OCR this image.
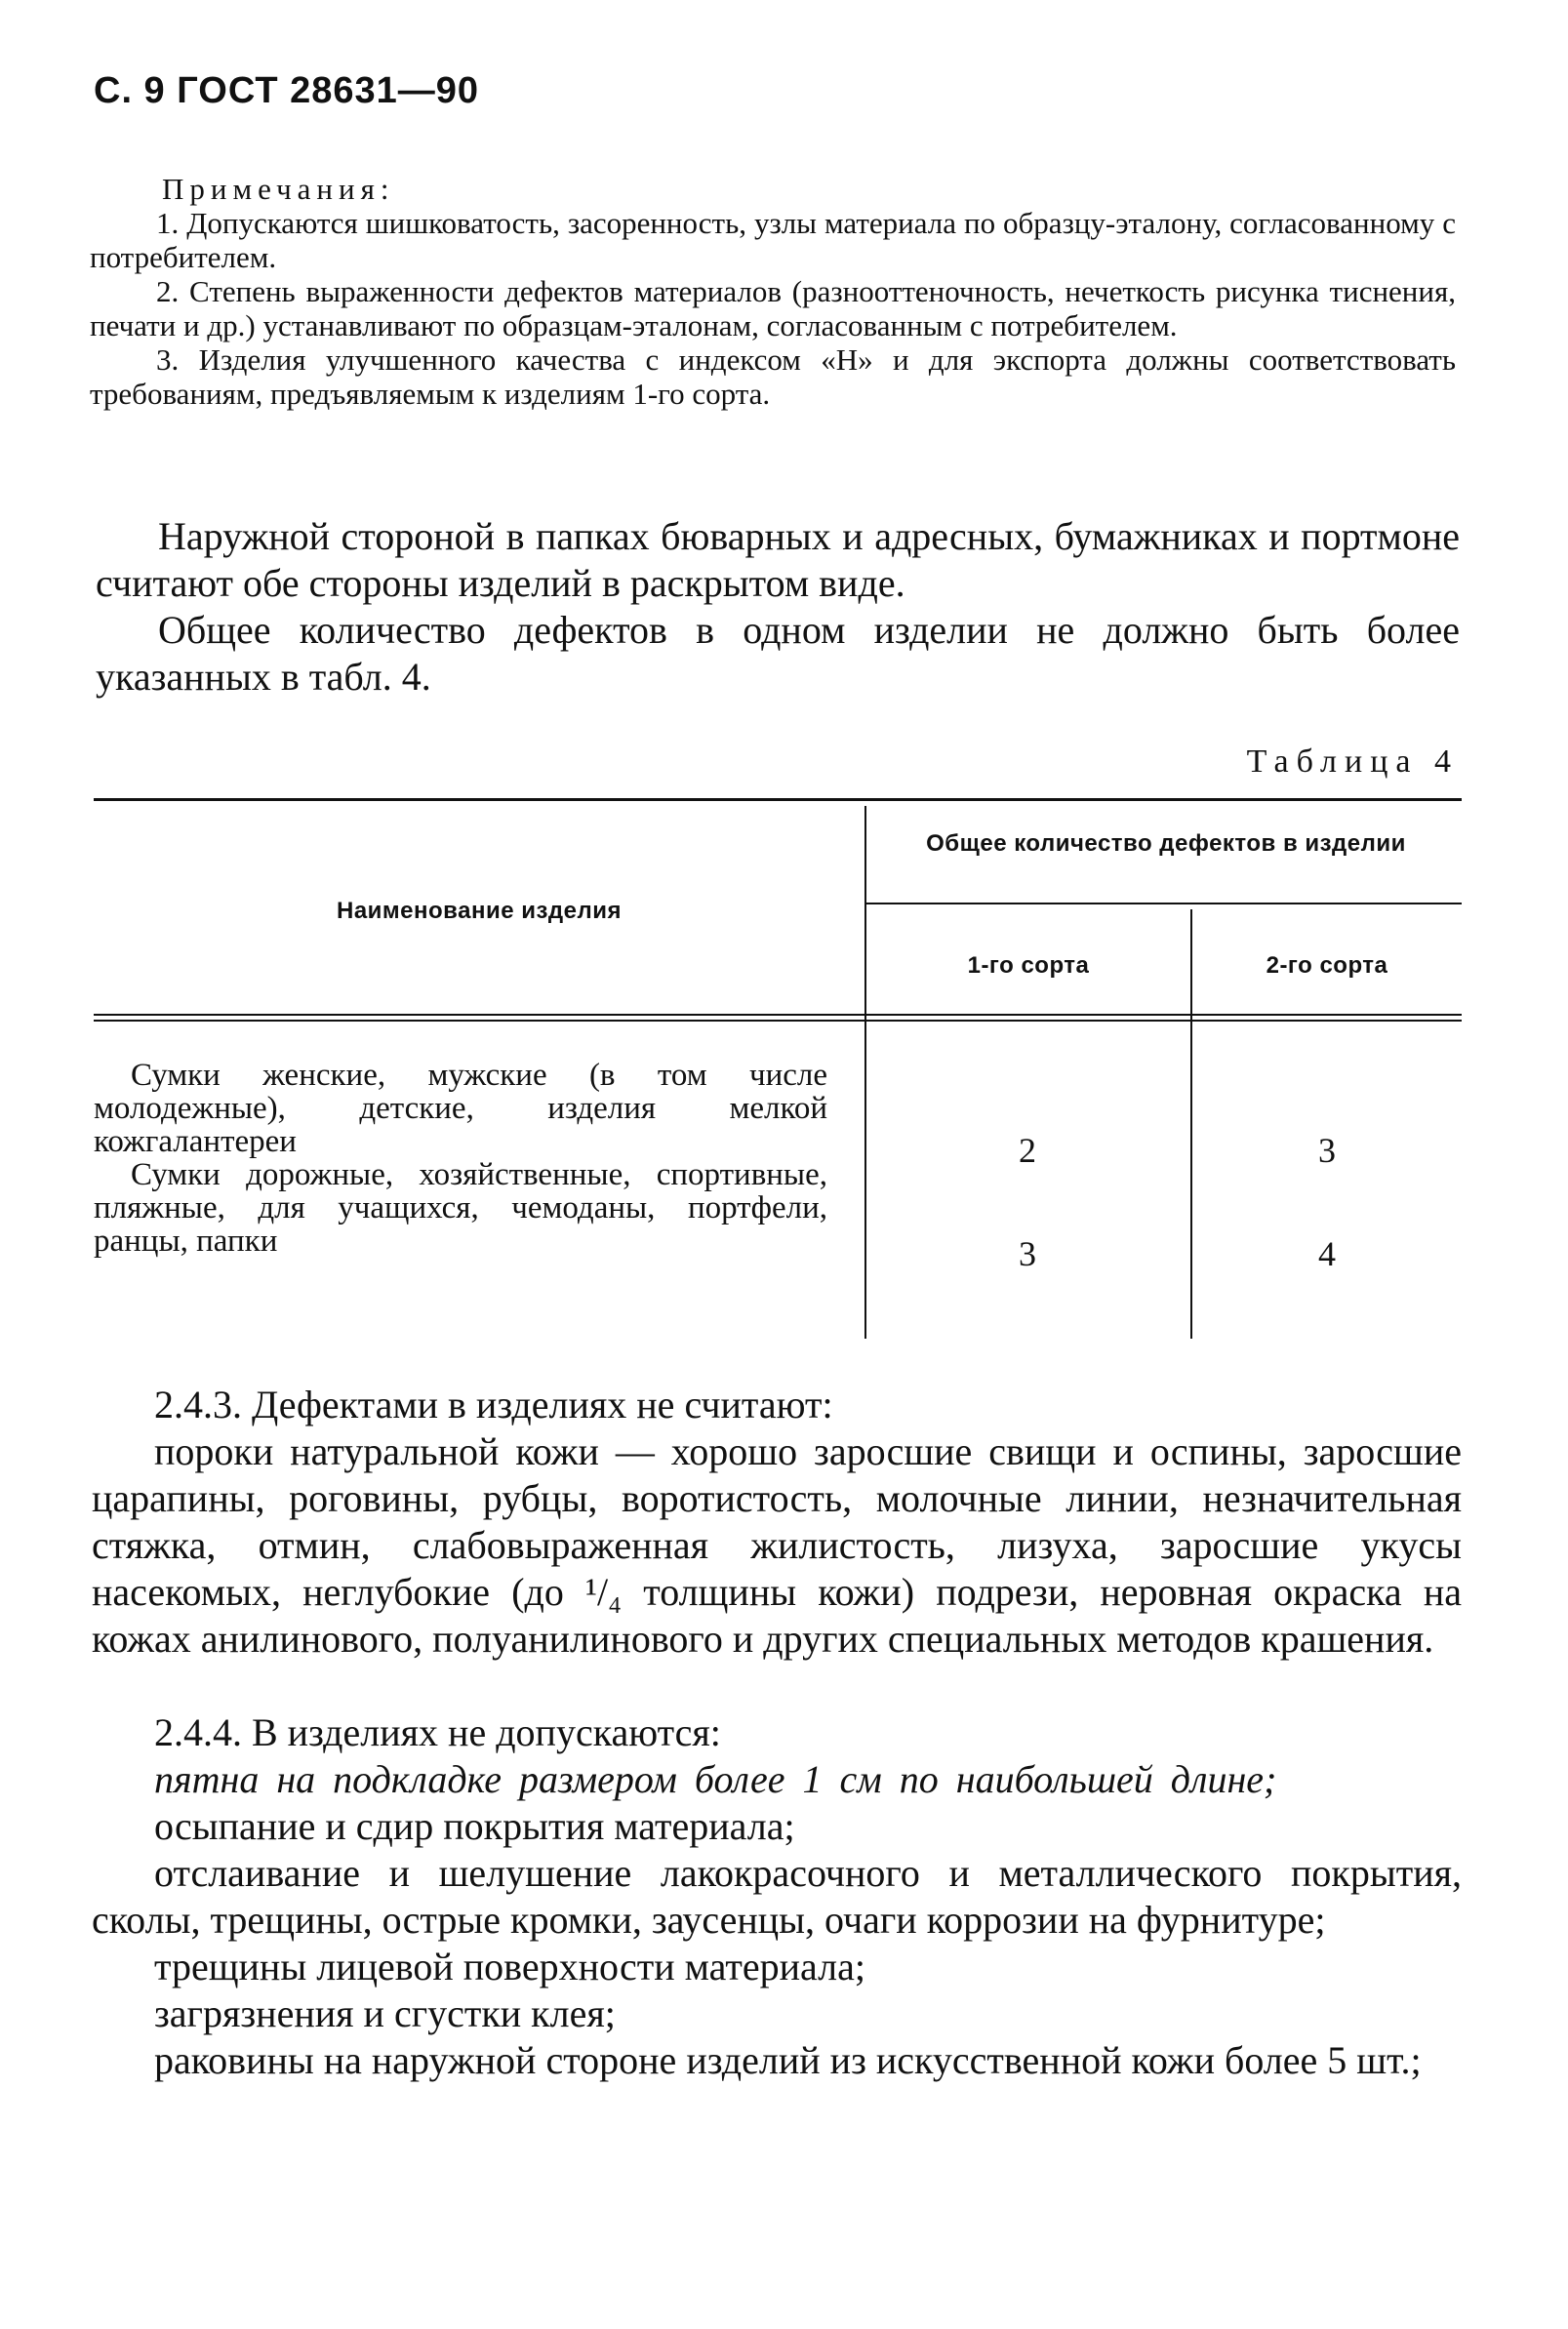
С. 9 ГОСТ 28631—90
Примечания:

1. Допускаются шишковатость, засоренность, узлы материала по образцу-эталону, согласованному с потребителем.

2. Степень выраженности дефектов материалов (разнооттеночность, нечеткость рисунка тиснения, печати и др.) устанавливают по образцам-эталонам, согласованным с потребителем.

3. Изделия улучшенного качества с индексом «Н» и для экспорта должны соответствовать требованиям, предъявляемым к изделиям 1-го сорта.

Наружной стороной в папках бюварных и адресных, бумажниках и портмоне считают обе стороны изделий в раскрытом виде.

Общее количество дефектов в одном изделии не должно быть более указанных в табл. 4.

Таблица 4
Наименование изделия
Общее количество дефектов в изделии
1-го сорта	2-го сорта
Сумки женские, мужские (в том числе молодежные), детские, изделия мелкой кожгалантереи	2	3
Сумки дорожные, хозяйственные, спортивные, пляжные, для учащихся, чемоданы, портфели, ранцы, папки	3	4

2.4.3. Дефектами в изделиях не считают:

пороки натуральной кожи — хорошо заросшие свищи и оспины, заросшие царапины, роговины, рубцы, воротистость, молочные линии, незначительная стяжка, отмин, слабовыраженная жилистость, лизуха, заросшие укусы насекомых, неглубокие (до ¹/₄ толщины кожи) подрези, неровная окраска на кожах анилинового, полуанилинового и других специальных методов крашения.

2.4.4. В изделиях не допускаются:

пятна на подкладке размером более 1 см по наибольшей длине;

осыпание и сдир покрытия материала;

отслаивание и шелушение лакокрасочного и металлического покрытия, сколы, трещины, острые кромки, заусенцы, очаги коррозии на фурнитуре;

трещины лицевой поверхности материала;

загрязнения и сгустки клея;

раковины на наружной стороне изделий из искусственной кожи более 5 шт.;
